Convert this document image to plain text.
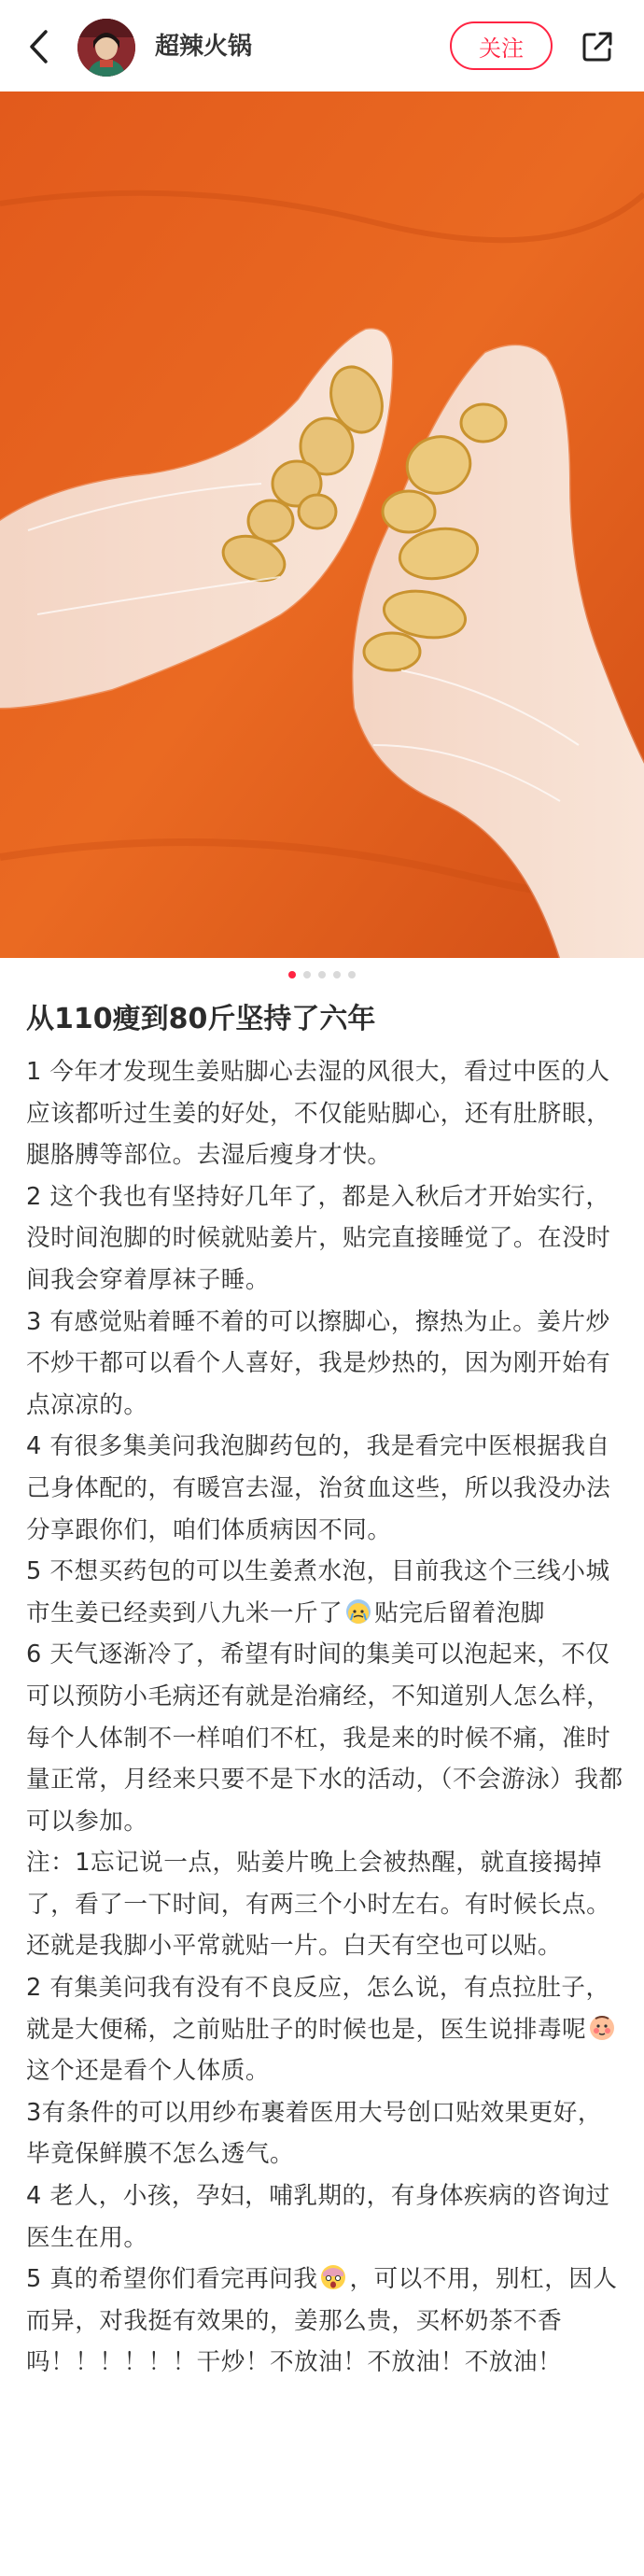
超辣火锅	关注
从110瘦到80斤坚持了六年

1 今年才发现生姜贴脚心去湿的风很大，看过中医的人应该都听过生姜的好处，不仅能贴脚心，还有肚脐眼，腿胳膊等部位。去湿后瘦身才快。

2 这个我也有坚持好几年了，都是入秋后才开始实行，没时间泡脚的时候就贴姜片，贴完直接睡觉了。在没时间我会穿着厚袜子睡。

3 有感觉贴着睡不着的可以擦脚心，擦热为止。姜片炒不炒干都可以看个人喜好，我是炒热的，因为刚开始有点凉凉的。

4 有很多集美问我泡脚药包的，我是看完中医根据我自己身体配的，有暖宫去湿，治贫血这些，所以我没办法分享跟你们，咱们体质病因不同。

5 不想买药包的可以生姜煮水泡，目前我这个三线小城市生姜已经卖到八九米一斤了 贴完后留着泡脚

6 天气逐渐冷了，希望有时间的集美可以泡起来，不仅可以预防小毛病还有就是治痛经，不知道别人怎么样，每个人体制不一样咱们不杠，我是来的时候不痛，准时量正常，月经来只要不是下水的活动，（不会游泳）我都可以参加。

注：1忘记说一点，贴姜片晚上会被热醒，就直接揭掉了，看了一下时间，有两三个小时左右。有时候长点。还就是我脚小平常就贴一片。白天有空也可以贴。

2 有集美问我有没有不良反应，怎么说，有点拉肚子，就是大便稀，之前贴肚子的时候也是，医生说排毒呢这个还是看个人体质。

3有条件的可以用纱布裹着医用大号创口贴效果更好，毕竟保鲜膜不怎么透气。

4 老人，小孩，孕妇，哺乳期的，有身体疾病的咨询过医生在用。

5 真的希望你们看完再问我 ，可以不用，别杠，因人而异，对我挺有效果的，姜那么贵，买杯奶茶不香吗！！！！！！干炒！不放油！不放油！不放油！
